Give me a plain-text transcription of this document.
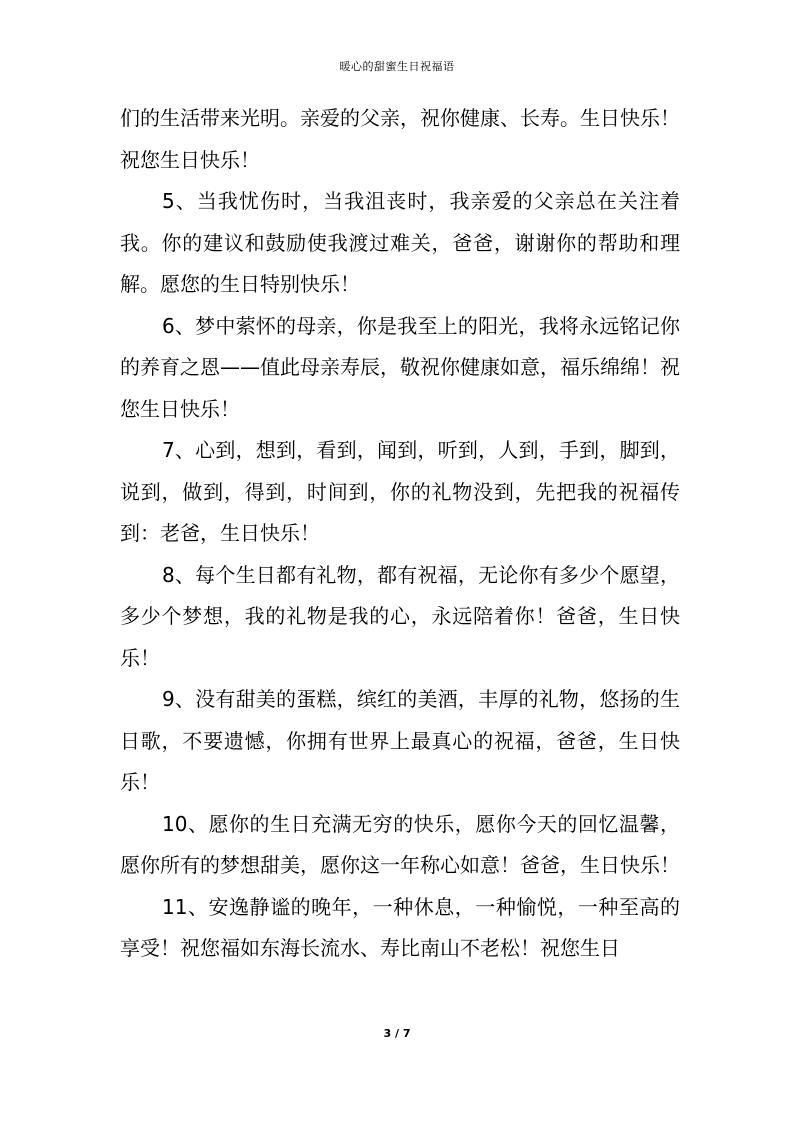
暖心的甜蜜生日祝福语

们的生活带来光明。亲爱的父亲，祝你健康、长寿。生日快乐！祝您生日快乐！

5、当我忧伤时，当我沮丧时，我亲爱的父亲总在关注着我。你的建议和鼓励使我渡过难关，爸爸，谢谢你的帮助和理解。愿您的生日特别快乐！

6、梦中萦怀的母亲，你是我至上的阳光，我将永远铭记你的养育之恩——值此母亲寿辰，敬祝你健康如意，福乐绵绵！祝您生日快乐！

7、心到，想到，看到，闻到，听到，人到，手到，脚到，说到，做到，得到，时间到，你的礼物没到，先把我的祝福传到：老爸，生日快乐！

8、每个生日都有礼物，都有祝福，无论你有多少个愿望，多少个梦想，我的礼物是我的心，永远陪着你！爸爸，生日快乐！

9、没有甜美的蛋糕，缤红的美酒，丰厚的礼物，悠扬的生日歌，不要遗憾，你拥有世界上最真心的祝福，爸爸，生日快乐！

10、愿你的生日充满无穷的快乐，愿你今天的回忆温馨，愿你所有的梦想甜美，愿你这一年称心如意！爸爸，生日快乐！

11、安逸静谧的晚年，一种休息，一种愉悦，一种至高的享受！祝您福如东海长流水、寿比南山不老松！祝您生日

3 / 7
